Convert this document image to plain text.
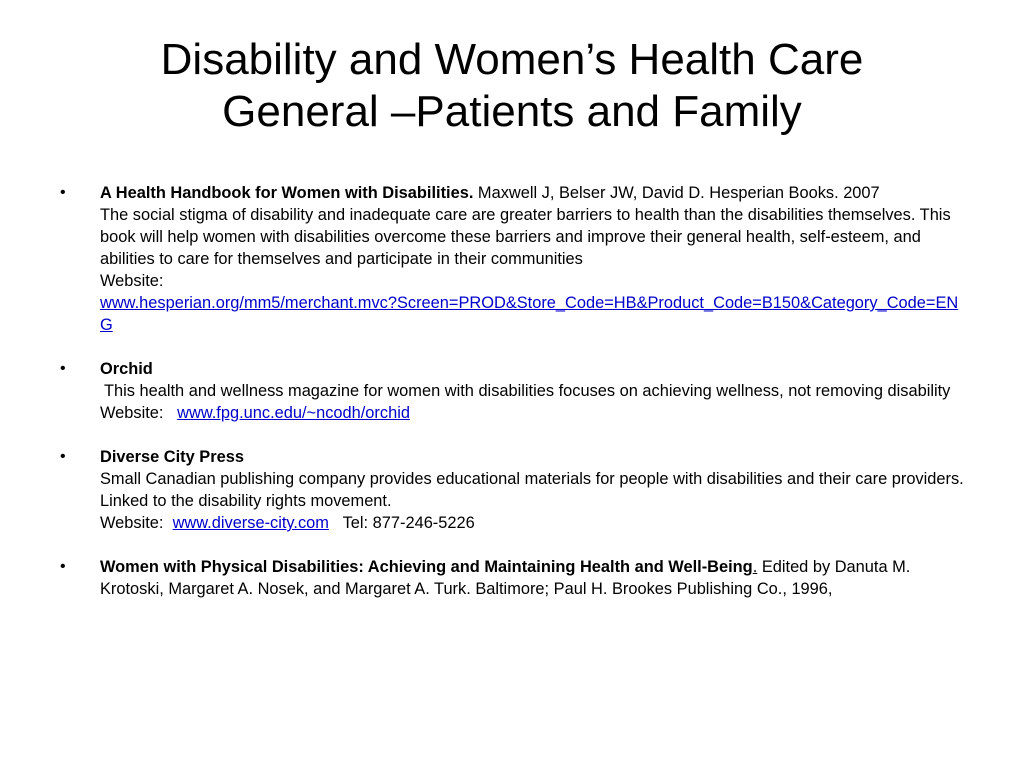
Disability and Women’s Health Care
General –Patients and Family
•	A Health Handbook for Women with Disabilities. Maxwell J, Belser JW, David D. Hesperian Books. 2007
The social stigma of disability and inadequate care are greater barriers to health than the disabilities themselves. This book will help women with disabilities overcome these barriers and improve their general health, self-esteem, and abilities to care for themselves and participate in their communities
Website:
www.hesperian.org/mm5/merchant.mvc?Screen=PROD&Store_Code=HB&Product_Code=B150&Category_Code=ENG
•	Orchid
This health and wellness magazine for women with disabilities focuses on achieving wellness, not removing disability
Website: www.fpg.unc.edu/~ncodh/orchid
•	Diverse City Press
Small Canadian publishing company provides educational materials for people with disabilities and their care providers. Linked to the disability rights movement.
Website: www.diverse-city.com Tel: 877-246-5226
•	Women with Physical Disabilities: Achieving and Maintaining Health and Well-Being. Edited by Danuta M. Krotoski, Margaret A. Nosek, and Margaret A. Turk. Baltimore; Paul H. Brookes Publishing Co., 1996,
